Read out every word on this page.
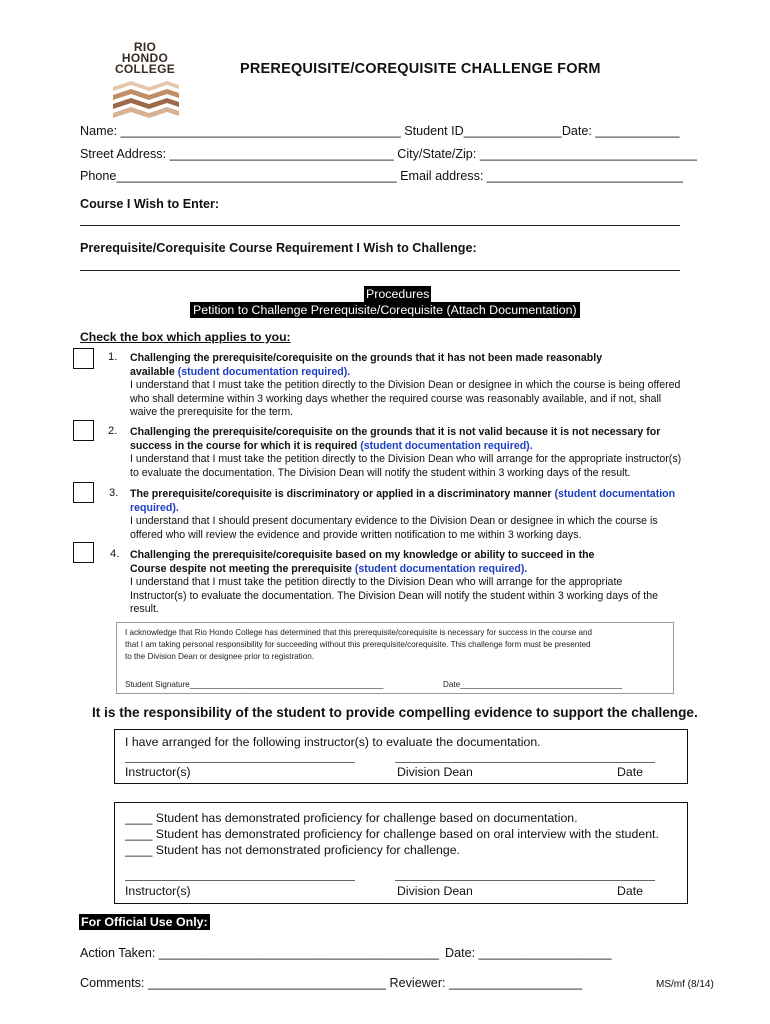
RIO
HONDO
COLLEGE	PREREQUISITE/COREQUISITE CHALLENGE FORM
Name: ________________________________________ Student ID______________Date: ____________
Street Address: ________________________________ City/State/Zip: _______________________________
Phone________________________________________ Email address: ____________________________
Course I Wish to Enter:
Prerequisite/Corequisite Course Requirement I Wish to Challenge:
Procedures
Petition to Challenge Prerequisite/Corequisite (Attach Documentation)
Check the box which applies to you:
1. Challenging the prerequisite/corequisite on the grounds that it has not been made reasonably
available (student documentation required).
I understand that I must take the petition directly to the Division Dean or designee in which the course is being offered
who shall determine within 3 working days whether the required course was reasonably available, and if not, shall
waive the prerequisite for the term.
2. Challenging the prerequisite/corequisite on the grounds that it is not valid because it is not necessary for
success in the course for which it is required (student documentation required).
I understand that I must take the petition directly to the Division Dean who will arrange for the appropriate instructor(s)
to evaluate the documentation. The Division Dean will notify the student within 3 working days of the result.
3. The prerequisite/corequisite is discriminatory or applied in a discriminatory manner (student documentation
required).
I understand that I should present documentary evidence to the Division Dean or designee in which the course is
offered who will review the evidence and provide written notification to me within 3 working days.
4. Challenging the prerequisite/corequisite based on my knowledge or ability to succeed in the
Course despite not meeting the prerequisite (student documentation required).
I understand that I must take the petition directly to the Division Dean who will arrange for the appropriate
Instructor(s) to evaluate the documentation. The Division Dean will notify the student within 3 working days of the
result.
I acknowledge that Rio Hondo College has determined that this prerequisite/corequisite is necessary for success in the course and
that I am taking personal responsibility for succeeding without this prerequisite/corequisite. This challenge form must be presented
to the Division Dean or designee prior to registration.
Student Signature___________________________________________	Date____________________________________
It is the responsibility of the student to provide compelling evidence to support the challenge.
I have arranged for the following instructor(s) to evaluate the documentation.
Instructor(s)	Division Dean	Date
____ Student has demonstrated proficiency for challenge based on documentation.
____ Student has demonstrated proficiency for challenge based on oral interview with the student.
____ Student has not demonstrated proficiency for challenge.
Instructor(s)	Division Dean	Date
For Official Use Only:
Action Taken: ________________________________________ Date: ___________________
Comments: __________________________________ Reviewer: ___________________	MS/mf (8/14)
